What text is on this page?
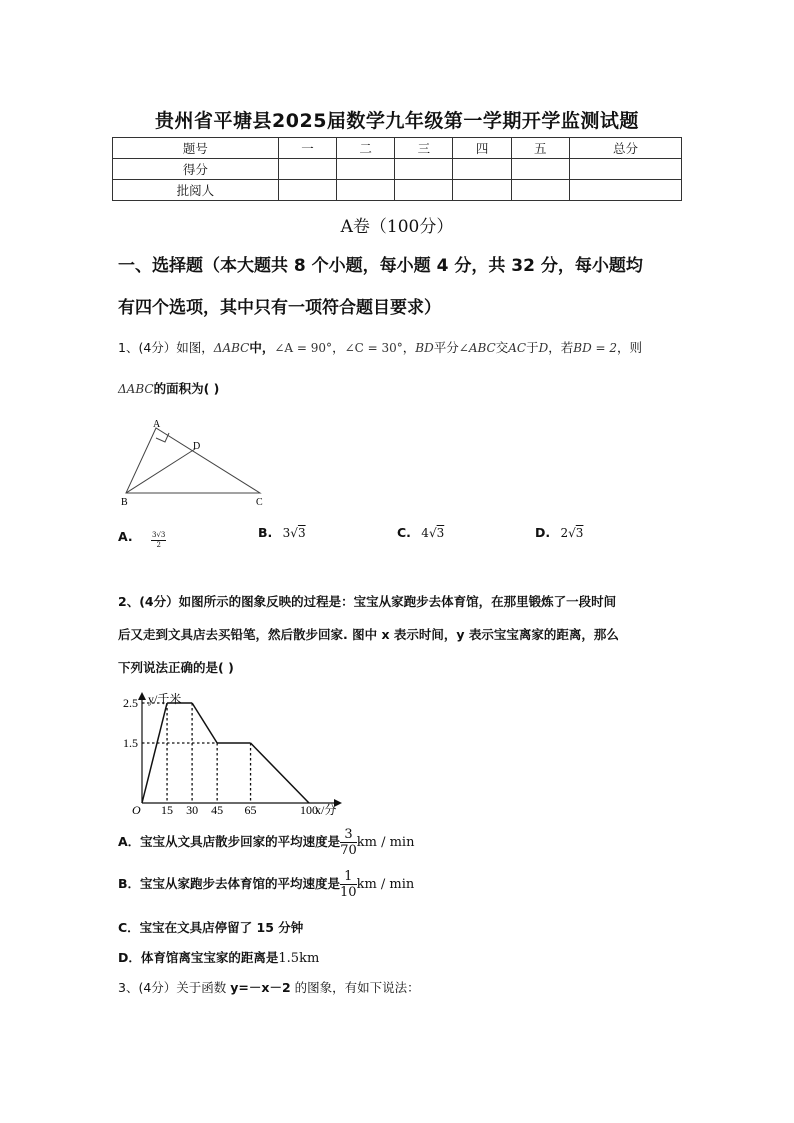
贵州省平塘县2025届数学九年级第一学期开学监测试题
题号	一	二	三	四	五	总分
得分						
批阅人						
A卷（100分）
一、选择题（本大题共 8 个小题，每小题 4 分，共 32 分，每小题均
有四个选项，其中只有一项符合题目要求）
1、(4分）如图，ΔABC中，∠A = 90°，∠C = 30°，BD平分∠ABC交AC于D，若BD = 2，则
ΔABC的面积为( )
A
D
B	C
A.	$\frac{3√3}{2}$	B. 3√3	C. 4√3	D. 2√3
2、(4分）如图所示的图象反映的过程是：宝宝从家跑步去体育馆，在那里锻炼了一段时间
后又走到文具店去买铅笔，然后散步回家. 图中 x 表示时间，y 表示宝宝离家的距离，那么
下列说法正确的是( )
O	x/分
y/千米
15 30 45 65	100
1.5
2.5
A．宝宝从文具店散步回家的平均速度是 $\frac{3}{70}$ km / min
B．宝宝从家跑步去体育馆的平均速度是 $\frac{1}{10}$ km / min
C．宝宝在文具店停留了 15 分钟
D．体育馆离宝宝家的距离是1.5km
3、(4分）关于函数 y=－x－2 的图象，有如下说法：
